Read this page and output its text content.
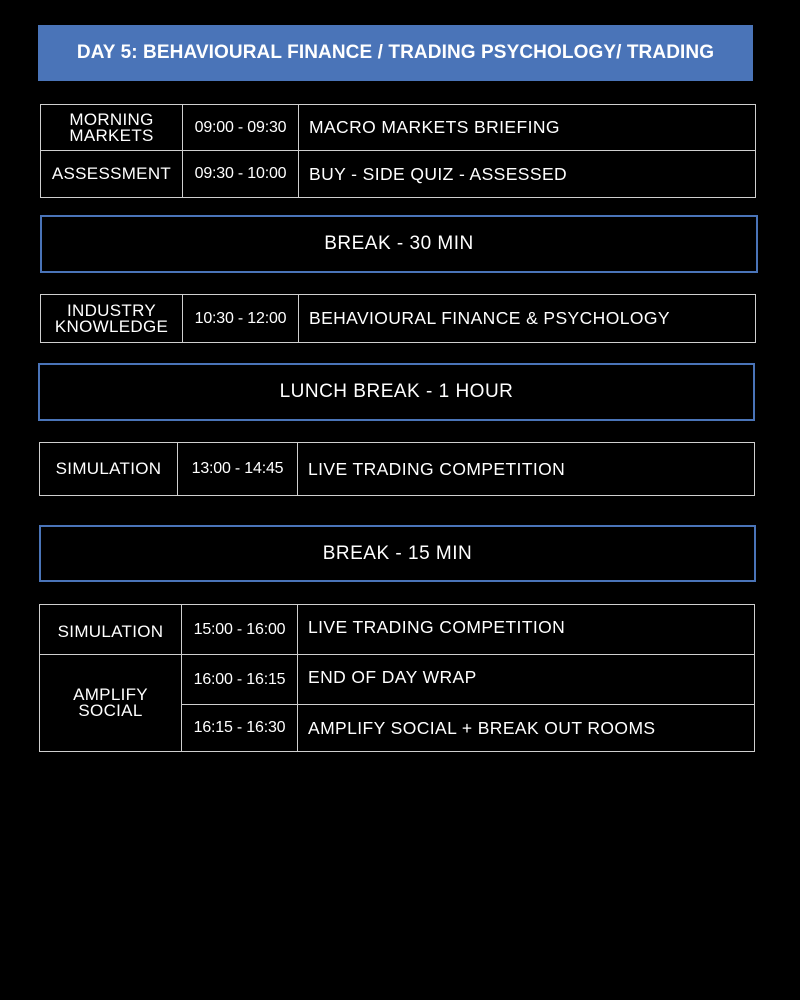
DAY 5: BEHAVIOURAL FINANCE / TRADING PSYCHOLOGY/ TRADING
MORNING MARKETS	09:00 - 09:30	MACRO MARKETS BRIEFING
ASSESSMENT	09:30 - 10:00	BUY - SIDE QUIZ - ASSESSED
BREAK - 30 MIN
INDUSTRY KNOWLEDGE	10:30 - 12:00	BEHAVIOURAL FINANCE & PSYCHOLOGY
LUNCH BREAK - 1 HOUR
SIMULATION	13:00 - 14:45	LIVE TRADING COMPETITION
BREAK - 15 MIN
SIMULATION	15:00 - 16:00	LIVE TRADING COMPETITION
AMPLIFY SOCIAL	16:00 - 16:15	END OF DAY WRAP
	16:15 - 16:30	AMPLIFY SOCIAL + BREAK OUT ROOMS
